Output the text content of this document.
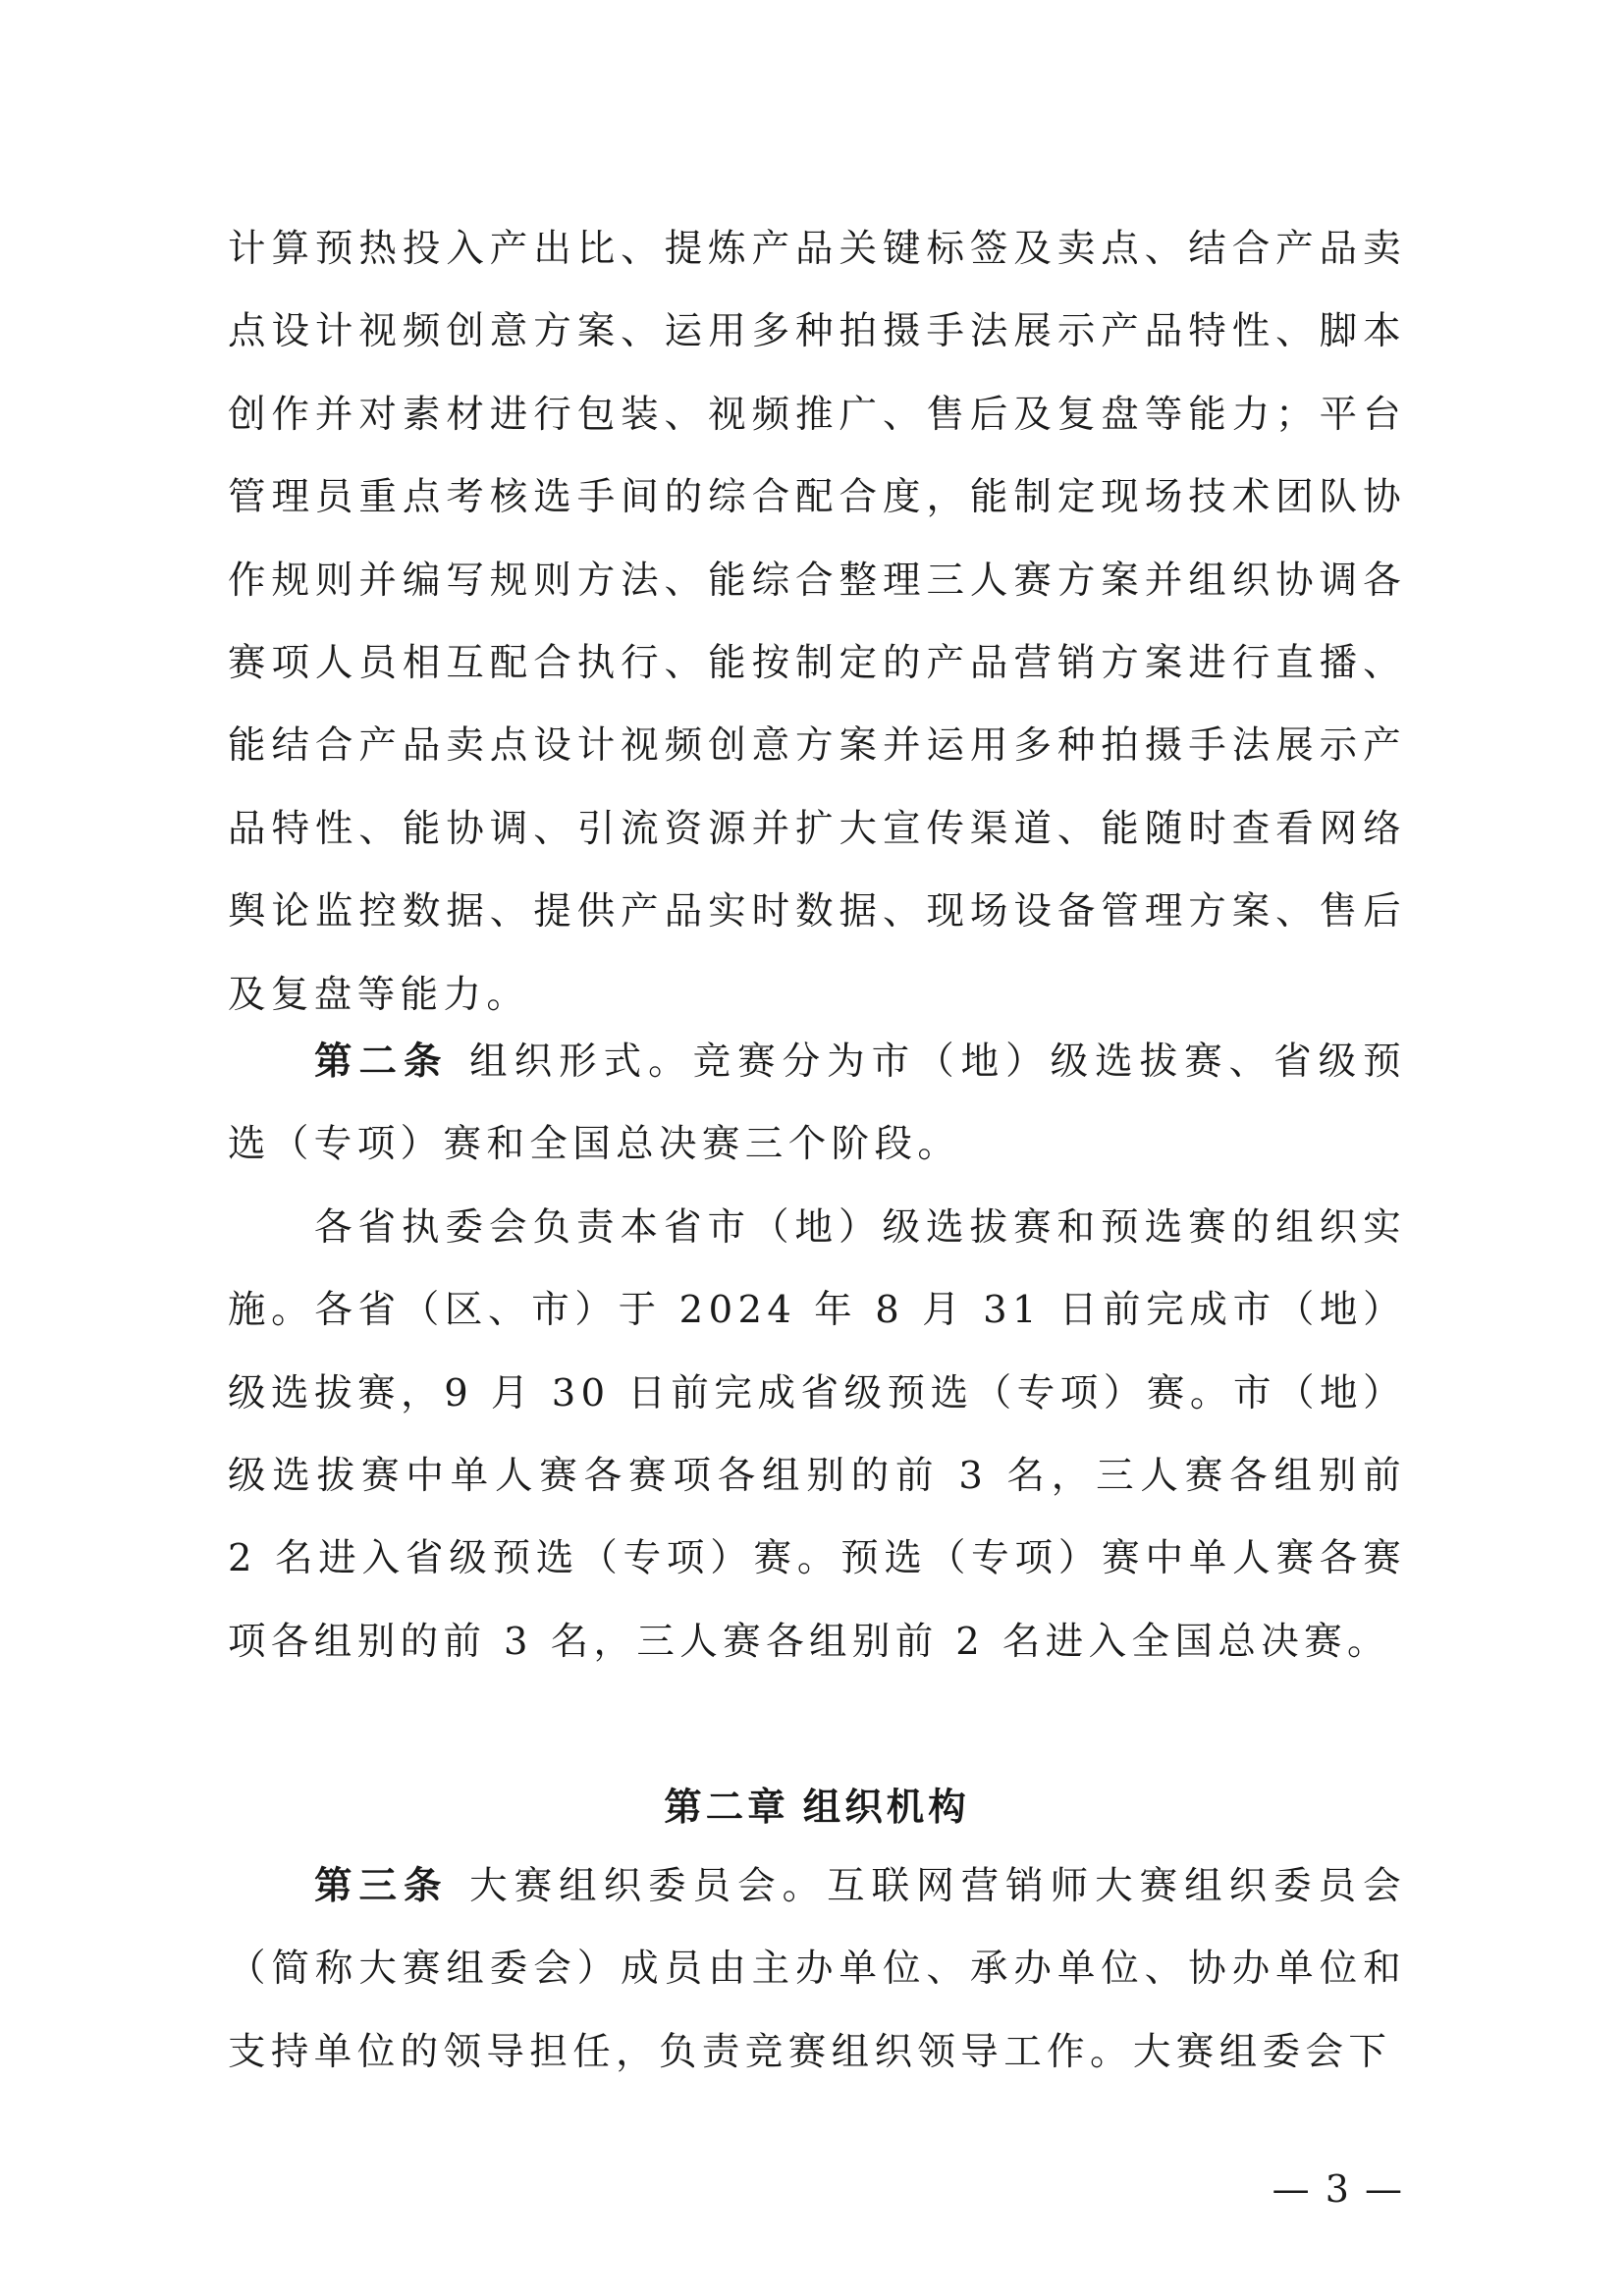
计算预热投入产出比、提炼产品关键标签及卖点、结合产品卖点设计视频创意方案、运用多种拍摄手法展示产品特性、脚本创作并对素材进行包装、视频推广、售后及复盘等能力；平台管理员重点考核选手间的综合配合度，能制定现场技术团队协作规则并编写规则方法、能综合整理三人赛方案并组织协调各赛项人员相互配合执行、能按制定的产品营销方案进行直播、能结合产品卖点设计视频创意方案并运用多种拍摄手法展示产品特性、能协调、引流资源并扩大宣传渠道、能随时查看网络舆论监控数据、提供产品实时数据、现场设备管理方案、售后及复盘等能力。

第二条 组织形式。竞赛分为市（地）级选拔赛、省级预选（专项）赛和全国总决赛三个阶段。

各省执委会负责本省市（地）级选拔赛和预选赛的组织实施。各省（区、市）于 2024 年 8 月 31 日前完成市（地）级选拔赛，9 月 30 日前完成省级预选（专项）赛。市（地）级选拔赛中单人赛各赛项各组别的前 3 名，三人赛各组别前 2 名进入省级预选（专项）赛。预选（专项）赛中单人赛各赛项各组别的前 3 名，三人赛各组别前 2 名进入全国总决赛。

第二章 组织机构

第三条 大赛组织委员会。互联网营销师大赛组织委员会（简称大赛组委会）成员由主办单位、承办单位、协办单位和支持单位的领导担任，负责竞赛组织领导工作。大赛组委会下

— 3 —
